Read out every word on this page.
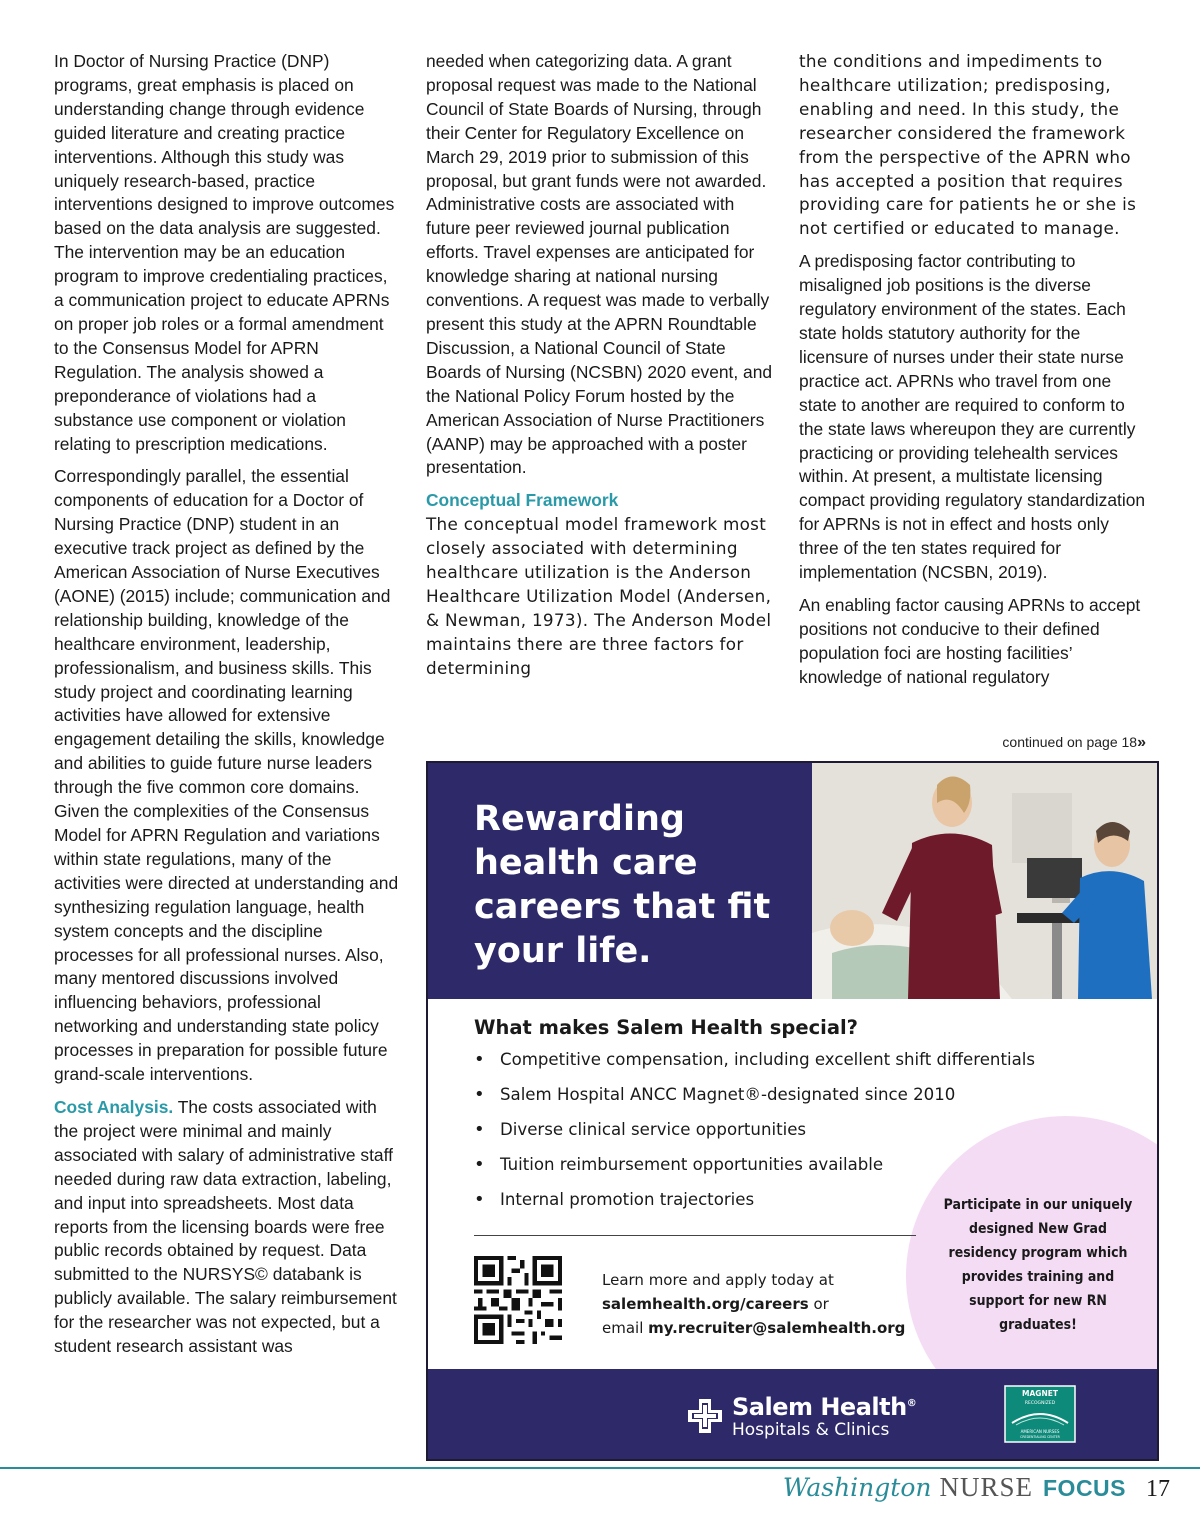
In Doctor of Nursing Practice (DNP) programs, great emphasis is placed on understanding change through evidence guided literature and creating practice interventions. Although this study was uniquely research-based, practice interventions designed to improve outcomes based on the data analysis are suggested. The intervention may be an education program to improve credentialing practices, a communication project to educate APRNs on proper job roles or a formal amendment to the Consensus Model for APRN Regulation. The analysis showed a preponderance of violations had a substance use component or violation relating to prescription medications.

Correspondingly parallel, the essential components of education for a Doctor of Nursing Practice (DNP) student in an executive track project as defined by the American Association of Nurse Executives (AONE) (2015) include; communication and relationship building, knowledge of the healthcare environment, leadership, professionalism, and business skills. This study project and coordinating learning activities have allowed for extensive engagement detailing the skills, knowledge and abilities to guide future nurse leaders through the five common core domains. Given the complexities of the Consensus Model for APRN Regulation and variations within state regulations, many of the activities were directed at understanding and synthesizing regulation language, health system concepts and the discipline processes for all professional nurses. Also, many mentored discussions involved influencing behaviors, professional networking and understanding state policy processes in preparation for possible future grand-scale interventions.

Cost Analysis. The costs associated with the project were minimal and mainly associated with salary of administrative staff needed during raw data extraction, labeling, and input into spreadsheets. Most data reports from the licensing boards were free public records obtained by request. Data submitted to the NURSYS© databank is publicly available. The salary reimbursement for the researcher was not expected, but a student research assistant was

needed when categorizing data. A grant proposal request was made to the National Council of State Boards of Nursing, through their Center for Regulatory Excellence on March 29, 2019 prior to submission of this proposal, but grant funds were not awarded. Administrative costs are associated with future peer reviewed journal publication efforts. Travel expenses are anticipated for knowledge sharing at national nursing conventions. A request was made to verbally present this study at the APRN Roundtable Discussion, a National Council of State Boards of Nursing (NCSBN) 2020 event, and the National Policy Forum hosted by the American Association of Nurse Practitioners (AANP) may be approached with a poster presentation.

Conceptual Framework

The conceptual model framework most closely associated with determining healthcare utilization is the Anderson Healthcare Utilization Model (Andersen, & Newman, 1973). The Anderson Model maintains there are three factors for determining

the conditions and impediments to healthcare utilization; predisposing, enabling and need. In this study, the researcher considered the framework from the perspective of the APRN who has accepted a position that requires providing care for patients he or she is not certified or educated to manage.

A predisposing factor contributing to misaligned job positions is the diverse regulatory environment of the states. Each state holds statutory authority for the licensure of nurses under their state nurse practice act. APRNs who travel from one state to another are required to conform to the state laws whereupon they are currently practicing or providing telehealth services within. At present, a multistate licensing compact providing regulatory standardization for APRNs is not in effect and hosts only three of the ten states required for implementation (NCSBN, 2019).

An enabling factor causing APRNs to accept positions not conducive to their defined population foci are hosting facilities’ knowledge of national regulatory

continued on page 18»
Rewarding health care careers that fit your life.
What makes Salem Health special?
• Competitive compensation, including excellent shift differentials
• Salem Hospital ANCC Magnet®-designated since 2010
• Diverse clinical service opportunities
• Tuition reimbursement opportunities available
• Internal promotion trajectories	Participate in our uniquely designed New Grad residency program which provides training and support for new RN graduates!
Learn more and apply today at
salemhealth.org/careers or
email my.recruiter@salemhealth.org
Salem Health®
Hospitals & Clinics
MAGNET
RECOGNIZED
AMERICAN NURSES
CREDENTIALING CENTER
Washington NURSE FOCUS 17
